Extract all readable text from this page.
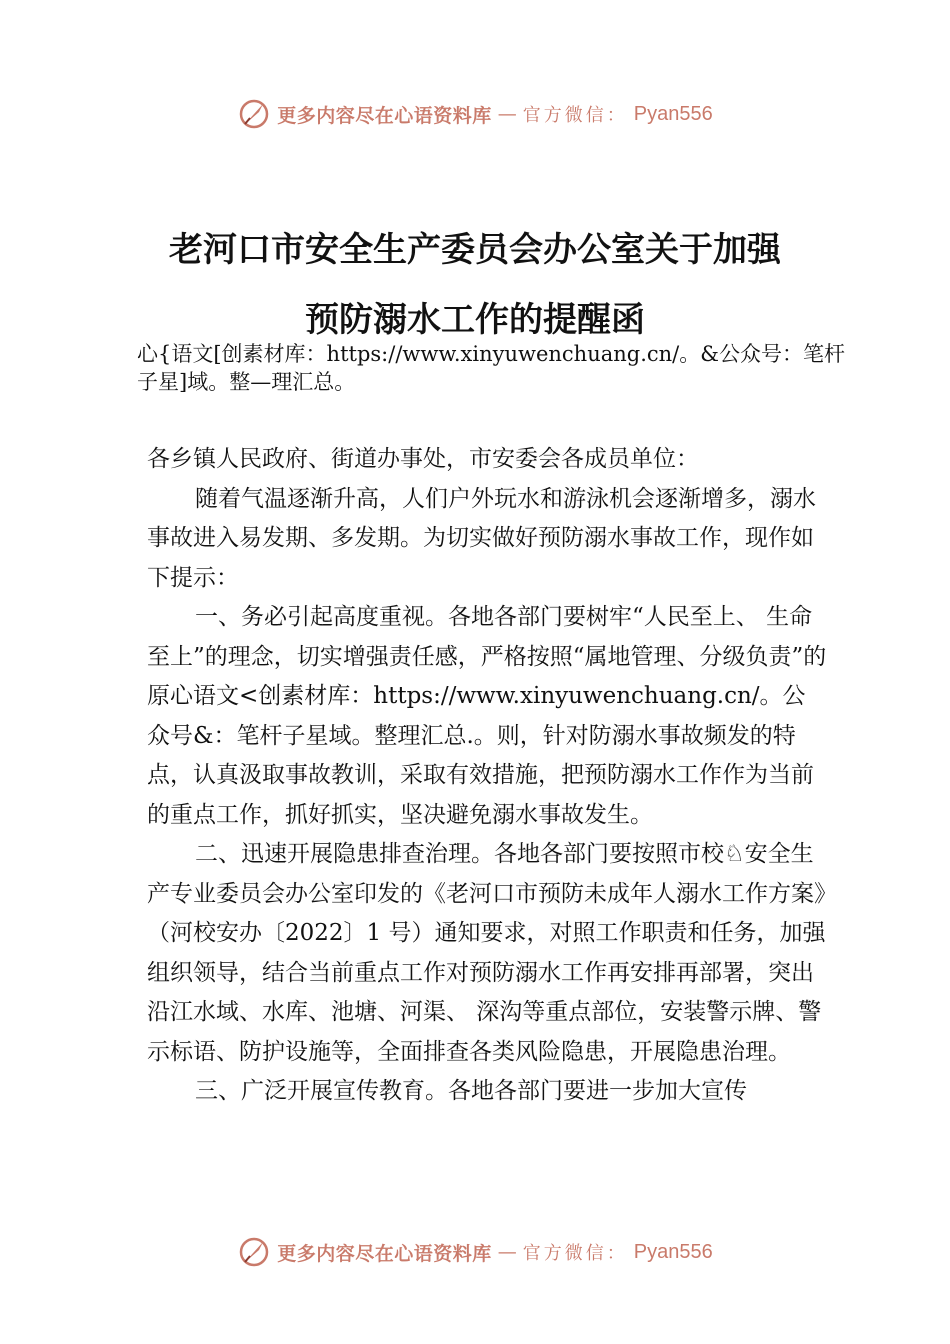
更多内容尽在心语资料库 — 官方微信： Pyan556
老河口市安全生产委员会办公室关于加强
预防溺水工作的提醒函
心{语文[创素材库：https://www.xinyuwenchuang.cn/。&公众号：笔杆子星]域。整—理汇总。

各乡镇人民政府、街道办事处，市安委会各成员单位：

随着气温逐渐升高，人们户外玩水和游泳机会逐渐增多，溺水事故进入易发期、多发期。为切实做好预防溺水事故工作，现作如下提示：

一、务必引起高度重视。各地各部门要树牢“人民至上、 生命至上”的理念，切实增强责任感，严格按照“属地管理、分级负责”的原心语文<创素材库：https://www.xinyuwenchuang.cn/。公众号&：笔杆子星域。整理汇总.。则，针对防溺水事故频发的特点，认真汲取事故教训，采取有效措施，把预防溺水工作作为当前的重点工作，抓好抓实，坚决避免溺水事故发生。

二、迅速开展隐患排查治理。各地各部门要按照市校♘安全生产专业委员会办公室印发的《老河口市预防未成年人溺水工作方案》（河校安办〔2022〕1 号）通知要求，对照工作职责和任务，加强组织领导，结合当前重点工作对预防溺水工作再安排再部署，突出沿江水域、水库、池塘、河渠、 深沟等重点部位，安装警示牌、警示标语、防护设施等，全面排查各类风险隐患，开展隐患治理。

三、广泛开展宣传教育。各地各部门要进一步加大宣传

更多内容尽在心语资料库 — 官方微信： Pyan556
